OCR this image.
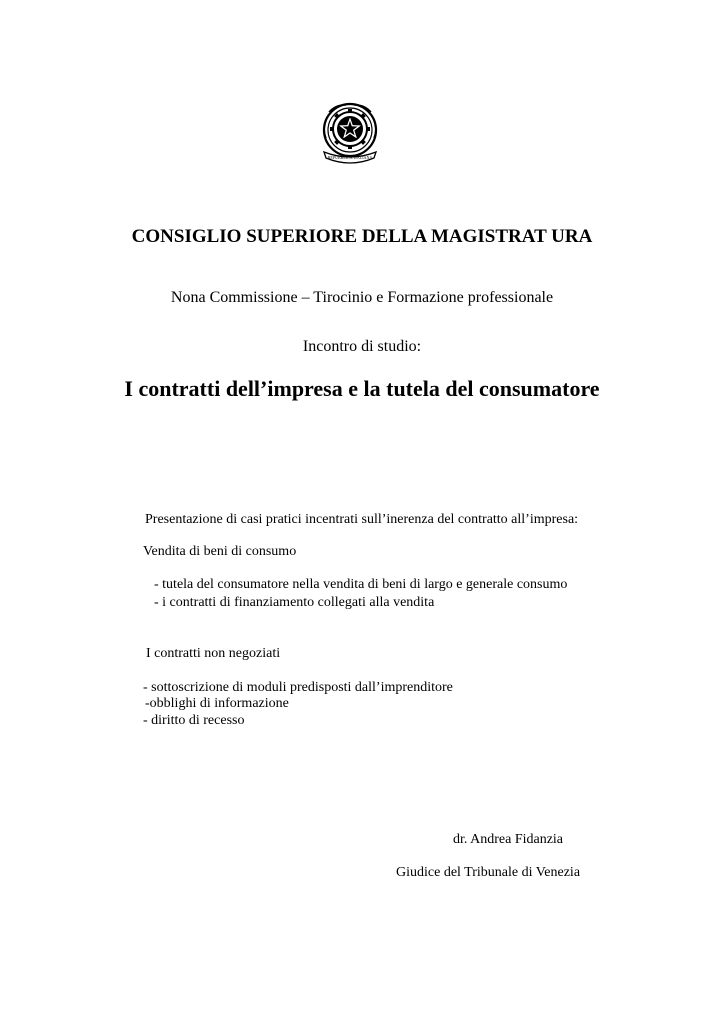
REPUBBLICA ITALIANA
CONSIGLIO SUPERIORE DELLA MAGISTRAT URA
Nona Commissione – Tirocinio e Formazione professionale
Incontro di studio:
I contratti dell’impresa e la tutela del consumatore
Presentazione di casi pratici incentrati sull’inerenza del contratto all’impresa:
Vendita di beni di consumo
- tutela del consumatore nella vendita di beni di largo e generale consumo
- i contratti di finanziamento collegati alla vendita
I contratti non negoziati
- sottoscrizione di moduli predisposti dall’imprenditore
-obblighi di informazione
- diritto di recesso
dr. Andrea Fidanzia
Giudice del Tribunale di Venezia
